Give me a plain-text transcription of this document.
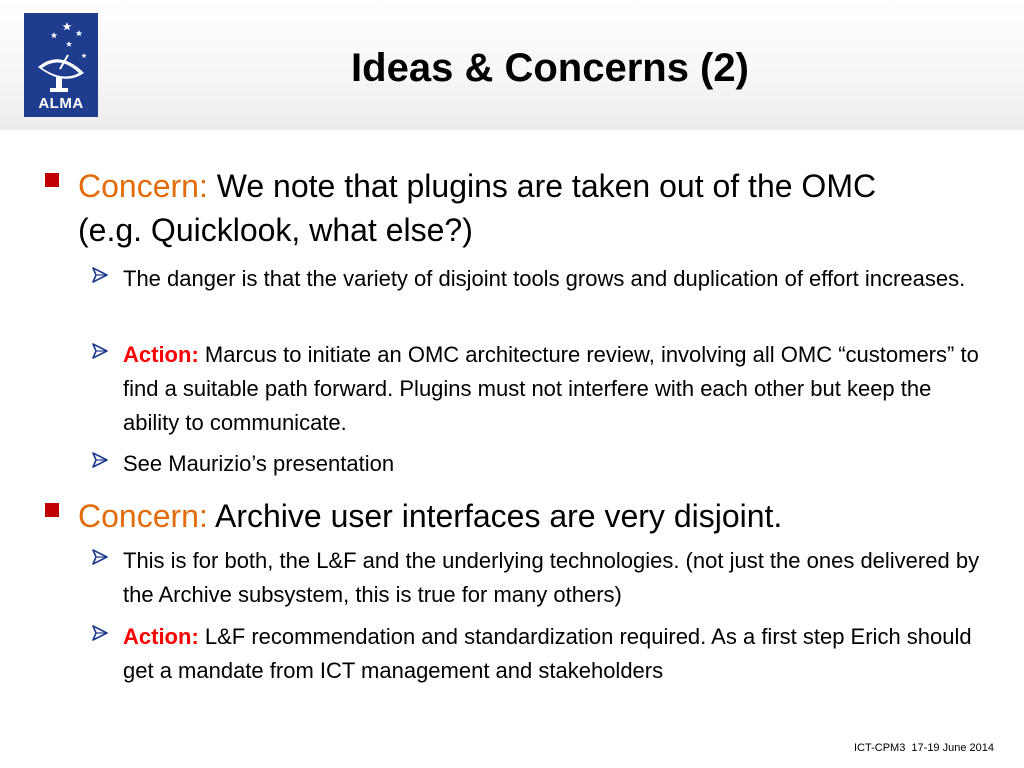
ALMA
Ideas & Concerns (2)
Concern: We note that plugins are taken out of the OMC (e.g. Quicklook, what else?)
The danger is that the variety of disjoint tools grows and duplication of effort increases.
Action: Marcus to initiate an OMC architecture review, involving all OMC “customers” to find a suitable path forward. Plugins must not interfere with each other but keep the ability to communicate.
See Maurizio’s presentation
Concern: Archive user interfaces are very disjoint.
This is for both, the L&F and the underlying technologies. (not just the ones delivered by the Archive subsystem, this is true for many others)
Action: L&F recommendation and standardization required. As a first step Erich should get a mandate from ICT management and stakeholders
ICT-CPM3  17-19 June 2014
